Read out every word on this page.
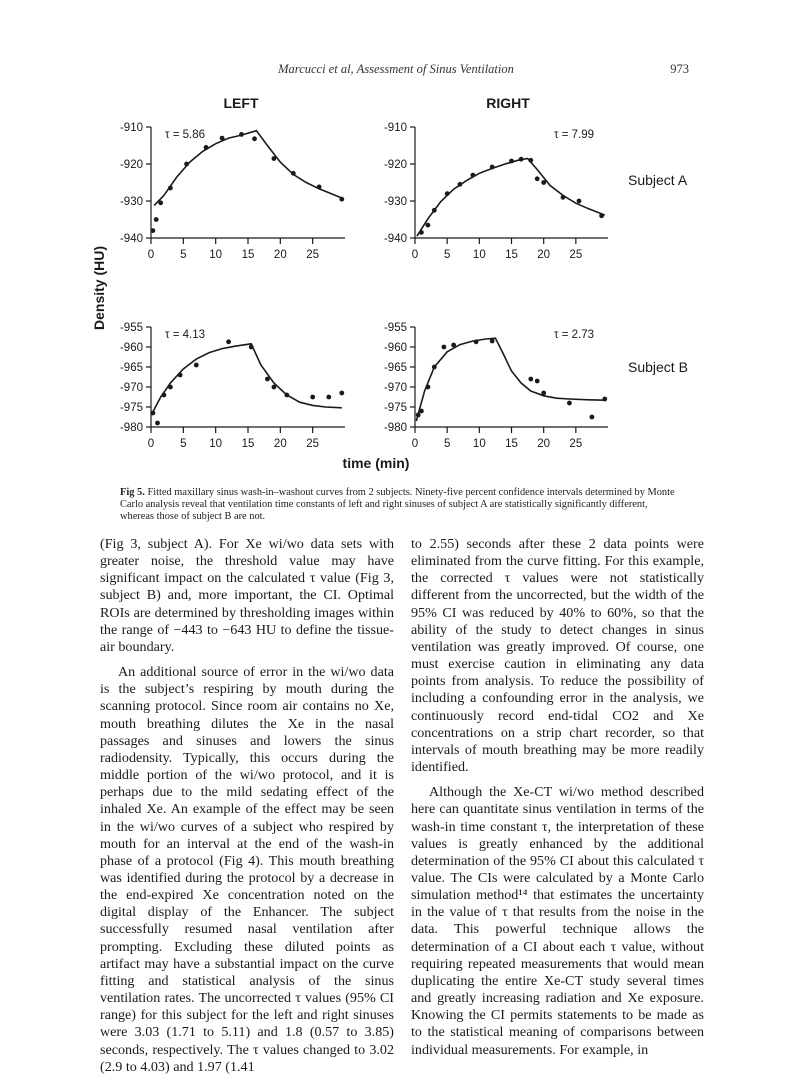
Marcucci et al, Assessment of Sinus Ventilation	973
LEFT	RIGHT
Density (HU)
time (min)
Subject A
Subject B
-910
-920
-930
-940
0 5 10 15 20 25
τ = 5.86
-910
-920
-930
-940
0 5 10 15 20 25
τ = 7.99
-955
-960
-965
-970
-975
-980
0 5 10 15 20 25
τ = 4.13
-955
-960
-965
-970
-975
-980
0 5 10 15 20 25
τ = 2.73
Fig 5. Fitted maxillary sinus wash-in–washout curves from 2 subjects. Ninety-five percent confidence intervals determined by Monte Carlo analysis reveal that ventilation time constants of left and right sinuses of subject A are statistically significantly different, whereas those of subject B are not.

(Fig 3, subject A). For Xe wi/wo data sets with greater noise, the threshold value may have significant impact on the calculated τ value (Fig 3, subject B) and, more important, the CI. Optimal ROIs are determined by thresholding images within the range of −443 to −643 HU to define the tissue-air boundary.

An additional source of error in the wi/wo data is the subject’s respiring by mouth during the scanning protocol. Since room air contains no Xe, mouth breathing dilutes the Xe in the nasal passages and sinuses and lowers the sinus radiodensity. Typically, this occurs during the middle portion of the wi/wo protocol, and it is perhaps due to the mild sedating effect of the inhaled Xe. An example of the effect may be seen in the wi/wo curves of a subject who respired by mouth for an interval at the end of the wash-in phase of a protocol (Fig 4). This mouth breathing was identified during the protocol by a decrease in the end-expired Xe concentration noted on the digital display of the Enhancer. The subject successfully resumed nasal ventilation after prompting. Excluding these diluted points as artifact may have a substantial impact on the curve fitting and statistical analysis of the sinus ventilation rates. The uncorrected τ values (95% CI range) for this subject for the left and right sinuses were 3.03 (1.71 to 5.11) and 1.8 (0.57 to 3.85) seconds, respectively. The τ values changed to 3.02 (2.9 to 4.03) and 1.97 (1.41

to 2.55) seconds after these 2 data points were eliminated from the curve fitting. For this example, the corrected τ values were not statistically different from the uncorrected, but the width of the 95% CI was reduced by 40% to 60%, so that the ability of the study to detect changes in sinus ventilation was greatly improved. Of course, one must exercise caution in eliminating any data points from analysis. To reduce the possibility of including a confounding error in the analysis, we continuously record end-tidal CO2 and Xe concentrations on a strip chart recorder, so that intervals of mouth breathing may be more readily identified.

Although the Xe-CT wi/wo method described here can quantitate sinus ventilation in terms of the wash-in time constant τ, the interpretation of these values is greatly enhanced by the additional determination of the 95% CI about this calculated τ value. The CIs were calculated by a Monte Carlo simulation method¹⁴ that estimates the uncertainty in the value of τ that results from the noise in the data. This powerful technique allows the determination of a CI about each τ value, without requiring repeated measurements that would mean duplicating the entire Xe-CT study several times and greatly increasing radiation and Xe exposure. Knowing the CI permits statements to be made as to the statistical meaning of comparisons between individual measurements. For example, in
